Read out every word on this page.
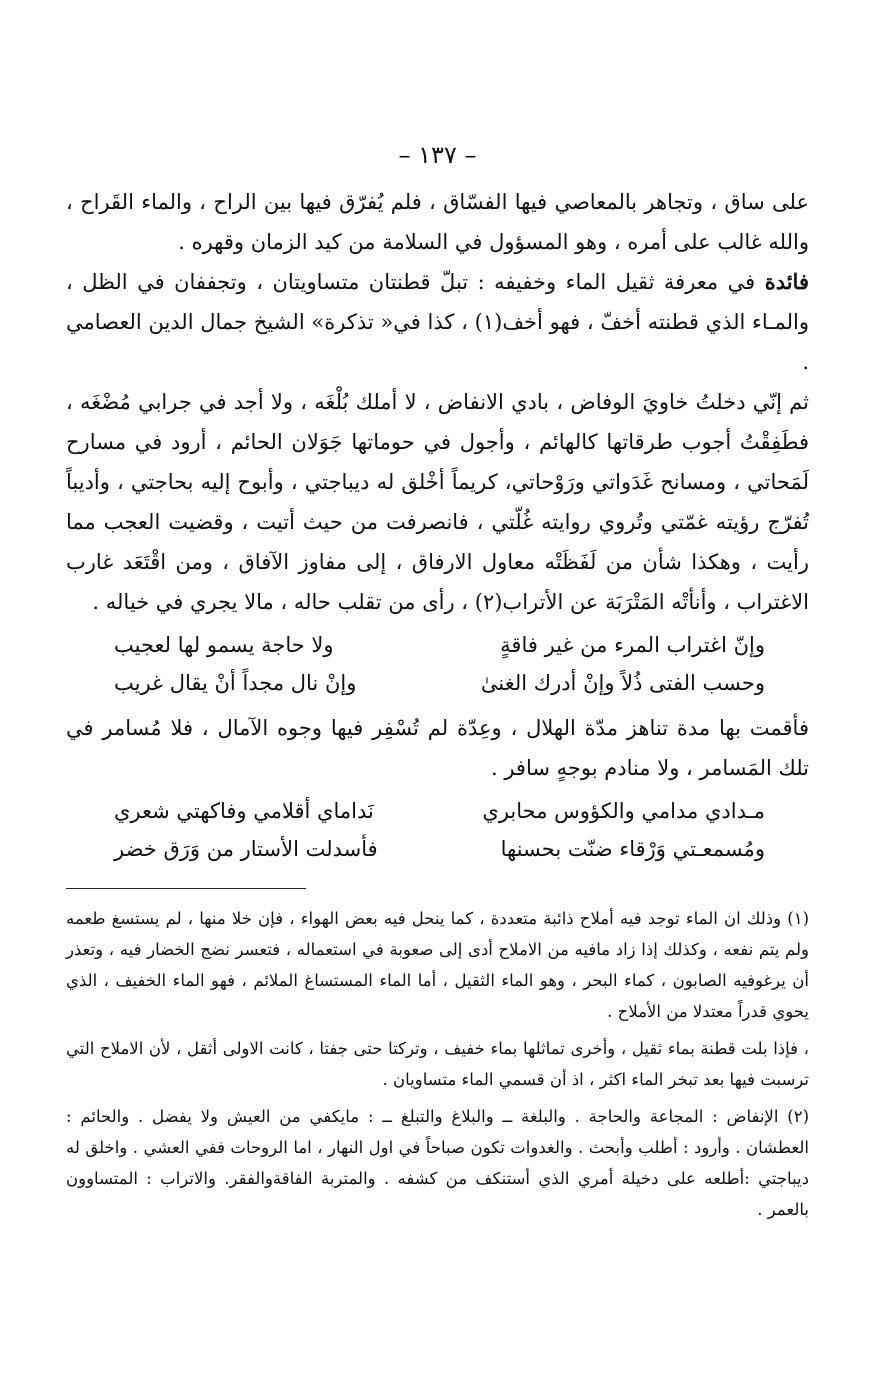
– ١٣٧ –

على ساق ، وتجاهر بالمعاصي فيها الفسّاق ، فلم يُفرّق فيها بين الراح ، والماء القَراح ، والله غالب على أمره ، وهو المسؤول في السلامة من كيد الزمان وقهره .

فائدة في معرفة ثقيل الماء وخفيفه : تبلّ قطنتان متساويتان ، وتجففان في الظل ، والمـاء الذي قطنته أخفّ ، فهو أخف(١) ، كذا في« تذكرة» الشيخ جمال الدين العصامي .

ثم إنّي دخلتُ خاويَ الوفاض ، بادي الانفاض ، لا أملك بُلْغَه ، ولا أجد في جرابي مُضْغَه ، فطَفِقْتُ أجوب طرقاتها كالهائم ، وأجول في حوماتها جَوَلان الحائم ، أرود في مسارح لَمَحاتي ، ومسانح غَدَواتي ورَوْحاتي، كريماً أخْلق له ديباجتي ، وأبوح إليه بحاجتي ، وأديباً تُفرّج رؤيته غمّتي وتُروي روايته غُلّتي ، فانصرفت من حيث أتيت ، وقضيت العجب مما رأيت ، وهكذا شأن من لَفَظَتْه معاول الارفاق ، إلى مفاوز الآفاق ، ومن اقْتَعَد غارب الاغتراب ، وأنأتْه المَتْرَبَة عن الأتراب(٢) ، رأى من تقلب حاله ، مالا يجري في خياله .

وإنّ اغتراب المرء من غير فاقةٍ
ولا حاجة يسمو لها لعجيب
وحسب الفتى ذُلاً وإنْ أدرك الغنىٰ
وإنْ نال مجداً أنْ يقال غريب

فأقمت بها مدة تناهز مدّة الهلال ، وعِدّة لم تُسْفِر فيها وجوه الآمال ، فلا مُسامر في تلك المَسامر ، ولا منادم بوجهٍ سافر .

مـدادي مدامي والكؤوس محابري
نَداماي أقلامي وفاكهتي شعري
ومُسمعـتي وَرْقاء ضنّت بحسنها
فأسدلت الأستار من وَرَق خضر

(١) وذلك ان الماء توجد فيه أملاح ذائبة متعددة ، كما ينحل فيه بعض الهواء ، فإن خلا منها ، لم يستسغ طعمه ولم يتم نفعه ، وكذلك إذا زاد مافيه من الاملاح أدى إلى صعوبة في استعماله ، فتعسر نضج الخضار فيه ، وتعذر أن يرغوفيه الصابون ، كماء البحر ، وهو الماء الثقيل ، أما الماء المستساغ الملائم ، فهو الماء الخفيف ، الذي يحوي قدراً معتدلا من الأملاح .

، فإذا بلت قطنة بماء ثقيل ، وأخرى تماثلها بماء خفيف ، وتركتا حتى جفتا ، كانت الاولى أثقل ، لأن الاملاح التي ترسبت فيها بعد تبخر الماء اكثر ، اذ أن قسمي الماء متساويان .

(٢) الإنفاض : المجاعة والحاجة . والبلغة ــ والبلاغ والتبلغ ــ : مايكفي من العيش ولا يفضل . والحائم : العطشان . وأرود : أطلب وأبحث . والغدوات تكون صباحاً في اول النهار ، اما الروحات ففي العشي . واخلق له ديباجتي :أطلعه على دخيلة أمري الذي أستنكف من كشفه . والمتربة الفاقةوالفقر. والاتراب : المتساوون بالعمر .
